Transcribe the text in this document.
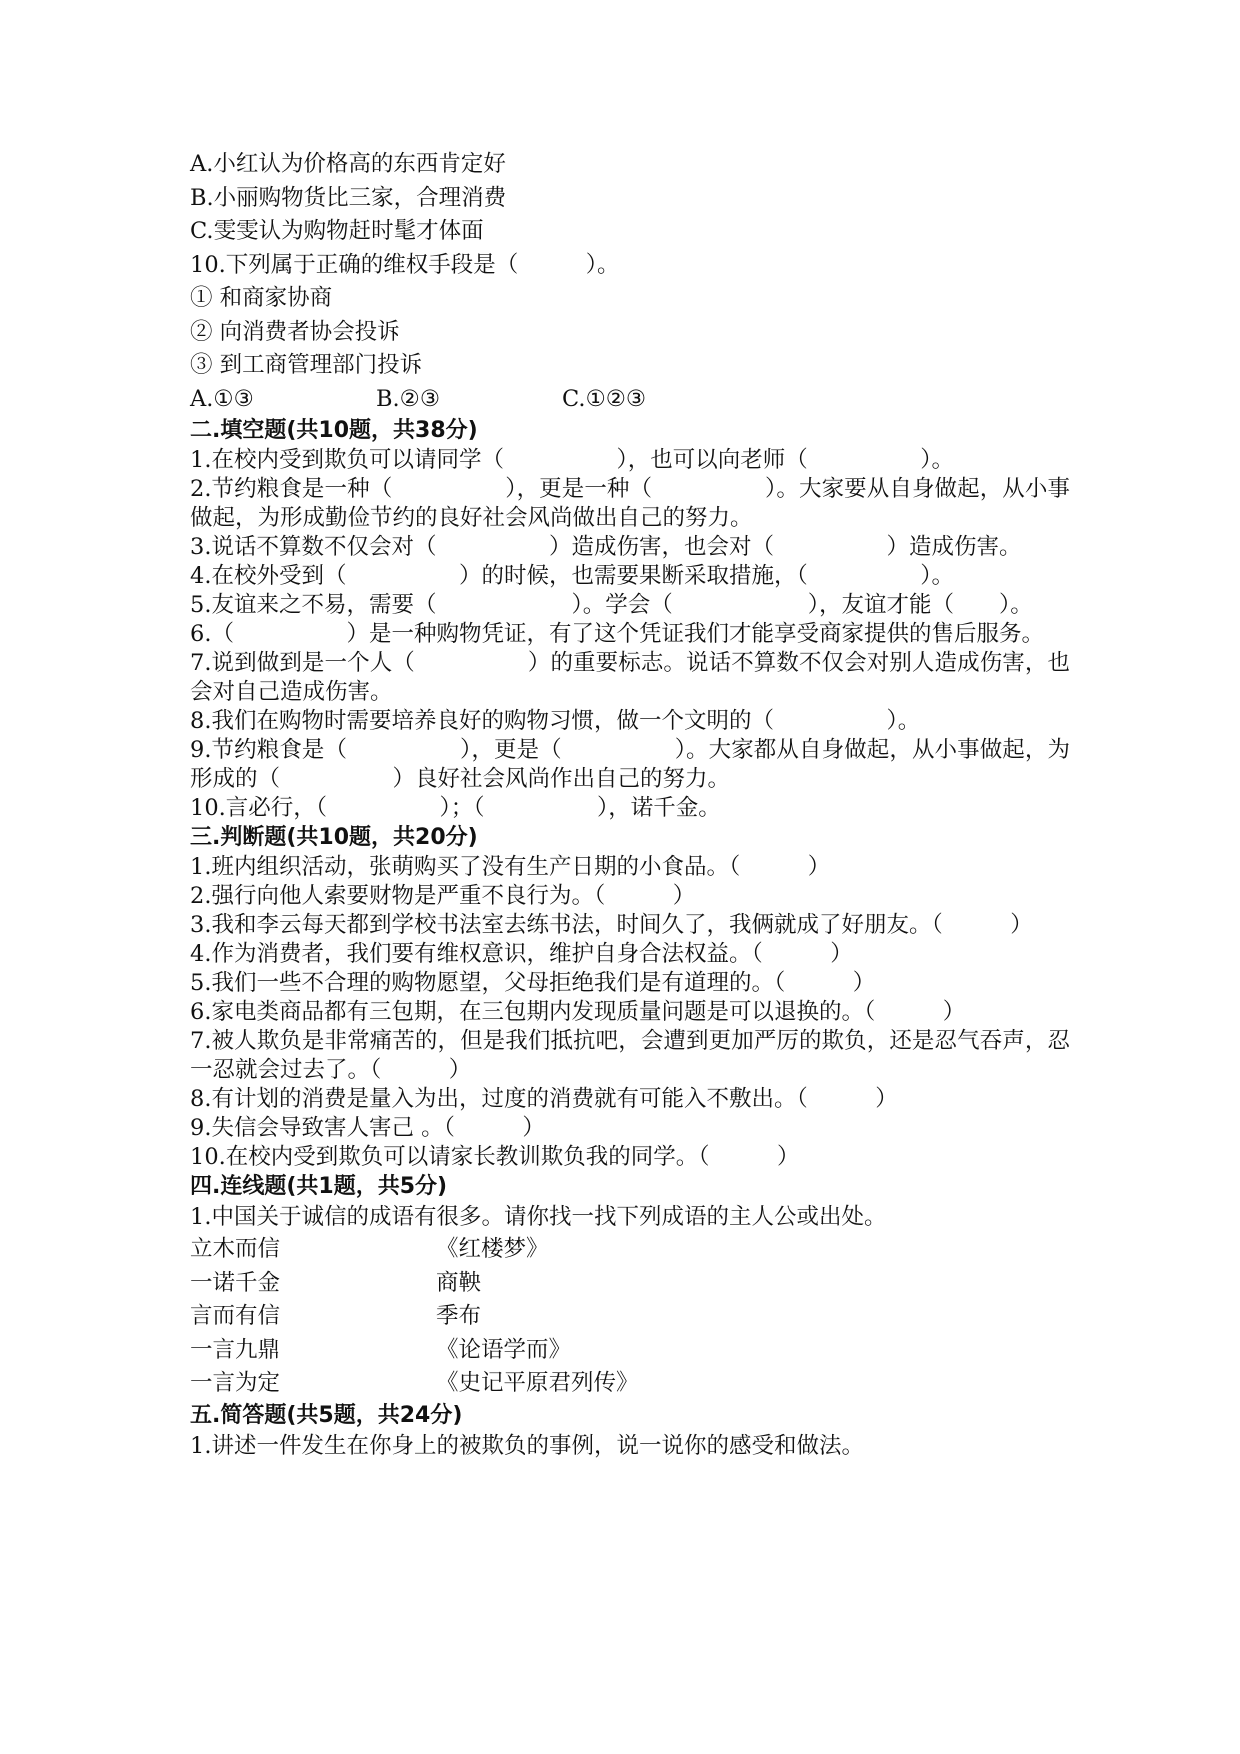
A.小红认为价格高的东西肯定好
B.小丽购物货比三家，合理消费
C.雯雯认为购物赶时髦才体面
10.下列属于正确的维权手段是（　　　）。
① 和商家协商
② 向消费者协会投诉
③ 到工商管理部门投诉
A.①③	B.②③	C.①②③
二.填空题(共10题，共38分)
1.在校内受到欺负可以请同学（　　　　　），也可以向老师（　　　　　）。
2.节约粮食是一种（　　　　　），更是一种（　　　　　）。大家要从自身做起，从小事做起，为形成勤俭节约的良好社会风尚做出自己的努力。
3.说话不算数不仅会对（　　　　　）造成伤害，也会对（　　　　　）造成伤害。
4.在校外受到（　　　　　）的时候，也需要果断采取措施，（　　　　　）。
5.友谊来之不易，需要（　　　　　　）。学会（　　　　　　），友谊才能（　　）。
6.（　　　　　）是一种购物凭证，有了这个凭证我们才能享受商家提供的售后服务。
7.说到做到是一个人（　　　　　）的重要标志。说话不算数不仅会对别人造成伤害，也会对自己造成伤害。
8.我们在购物时需要培养良好的购物习惯，做一个文明的（　　　　　）。
9.节约粮食是（　　　　　），更是（　　　　　）。大家都从自身做起，从小事做起，为形成的（　　　　　）良好社会风尚作出自己的努力。
10.言必行，（　　　　　）；（　　　　　），诺千金。
三.判断题(共10题，共20分)
1.班内组织活动，张萌购买了没有生产日期的小食品。（　　　）
2.强行向他人索要财物是严重不良行为。（　　　）
3.我和李云每天都到学校书法室去练书法，时间久了，我俩就成了好朋友。（　　　）
4.作为消费者，我们要有维权意识，维护自身合法权益。（　　　）
5.我们一些不合理的购物愿望，父母拒绝我们是有道理的。（　　　）
6.家电类商品都有三包期，在三包期内发现质量问题是可以退换的。（　　　）
7.被人欺负是非常痛苦的，但是我们抵抗吧，会遭到更加严厉的欺负，还是忍气吞声，忍一忍就会过去了。（　　　）
8.有计划的消费是量入为出，过度的消费就有可能入不敷出。（　　　）
9.失信会导致害人害己 。（　　　）
10.在校内受到欺负可以请家长教训欺负我的同学。（　　　）
四.连线题(共1题，共5分)
1.中国关于诚信的成语有很多。请你找一找下列成语的主人公或出处。
立木而信	《红楼梦》
一诺千金	商鞅
言而有信	季布
一言九鼎	《论语学而》
一言为定	《史记平原君列传》
五.简答题(共5题，共24分)
1.讲述一件发生在你身上的被欺负的事例，说一说你的感受和做法。
